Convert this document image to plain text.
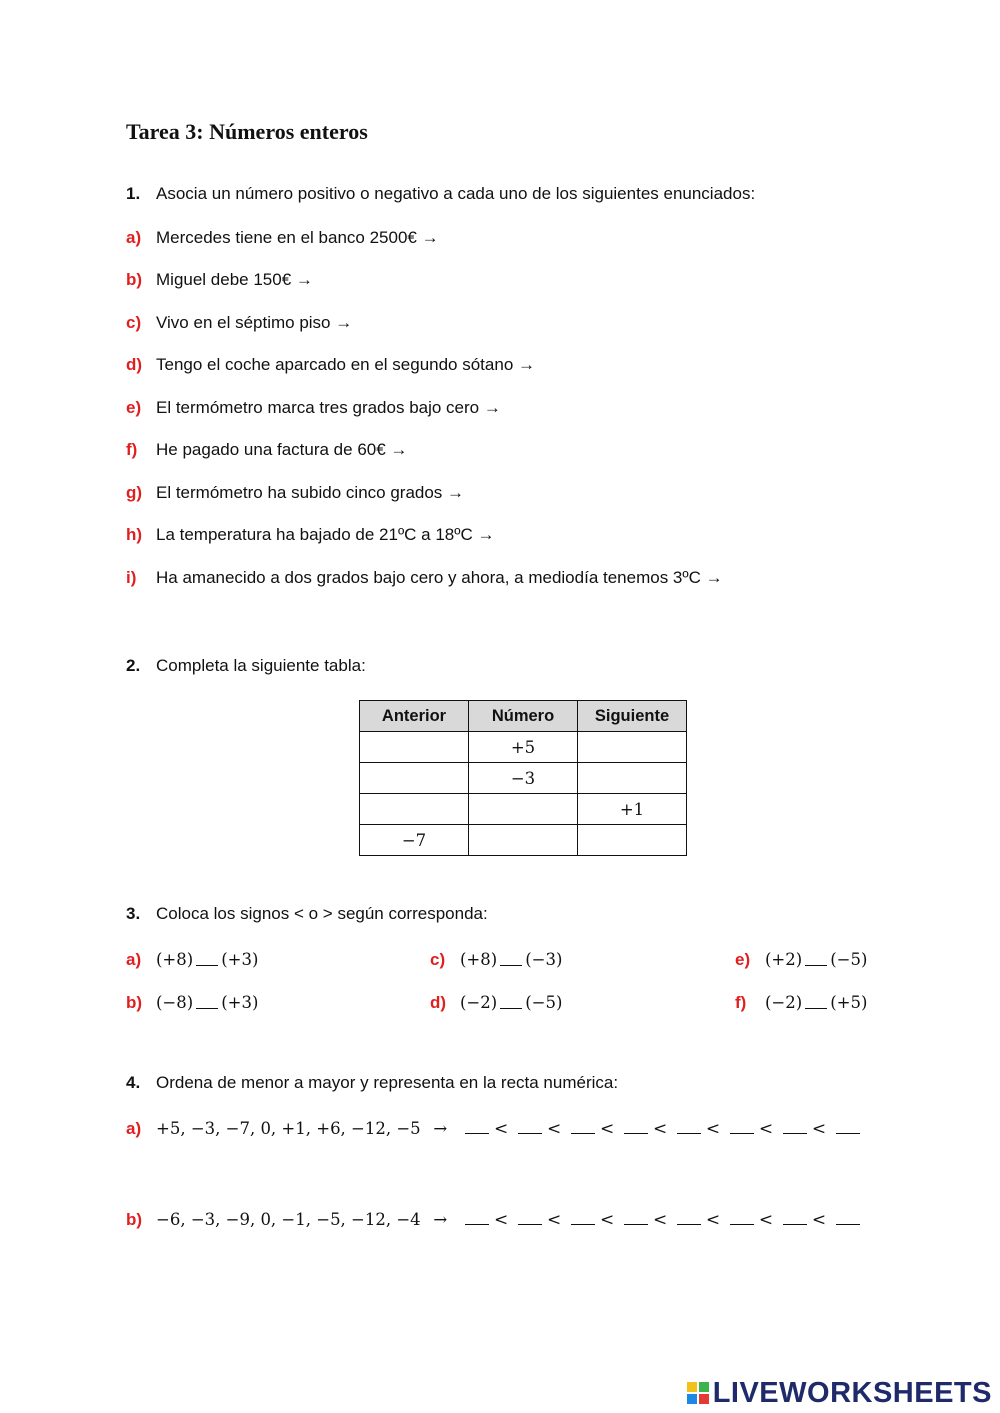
Tarea 3: Números enteros
1. Asocia un número positivo o negativo a cada uno de los siguientes enunciados:
a) Mercedes tiene en el banco 2500€ →
b) Miguel debe 150€ →
c) Vivo en el séptimo piso →
d) Tengo el coche aparcado en el segundo sótano →
e) El termómetro marca tres grados bajo cero →
f) He pagado una factura de 60€ →
g) El termómetro ha subido cinco grados →
h) La temperatura ha bajado de 21ºC a 18ºC →
i) Ha amanecido a dos grados bajo cero y ahora, a mediodía tenemos 3ºC →
2. Completa la siguiente tabla:
Anterior	Número	Siguiente
	+5	
	−3	
		+1
−7		
3. Coloca los signos < o > según corresponda:
a) (+8) (+3)
b) (−8) (+3)
c) (+8) (−3)
d) (−2) (−5)
e) (+2) (−5)
f) (−2) (+5)
4. Ordena de menor a mayor y representa en la recta numérica:
a) +5, −3, −7, 0, +1, +6, −12, −5 →	< < < < < < <
b) −6, −3, −9, 0, −1, −5, −12, −4 →	< < < < < < <
LIVEWORKSHEETS
